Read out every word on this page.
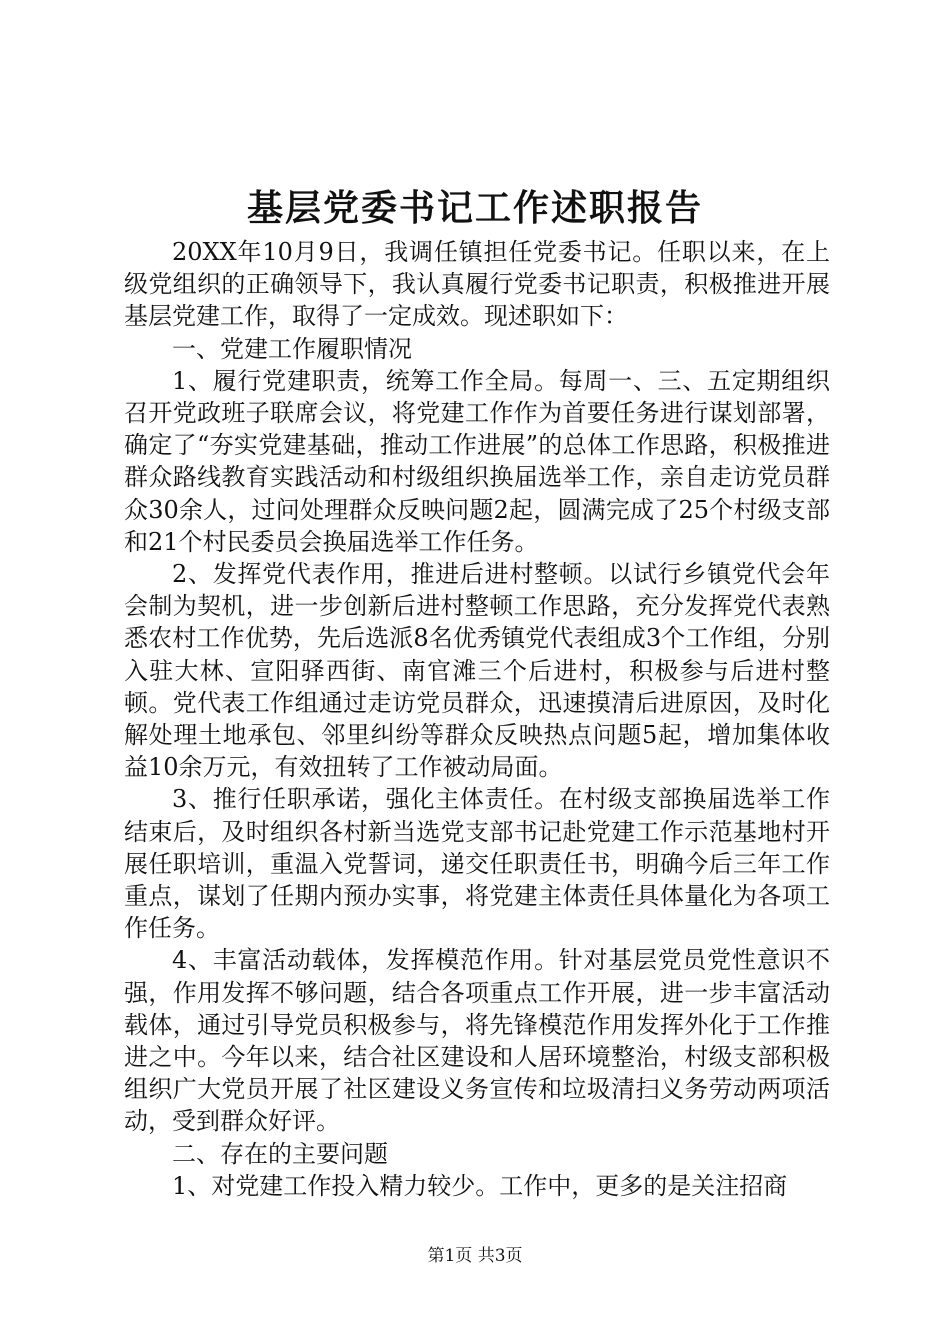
基层党委书记工作述职报告

20XX年10月9日，我调任镇担任党委书记。任职以来，在上级党组织的正确领导下，我认真履行党委书记职责，积极推进开展基层党建工作，取得了一定成效。现述职如下：

一、党建工作履职情况

1、履行党建职责，统筹工作全局。每周一、三、五定期组织召开党政班子联席会议，将党建工作作为首要任务进行谋划部署，确定了“夯实党建基础，推动工作进展”的总体工作思路，积极推进群众路线教育实践活动和村级组织换届选举工作，亲自走访党员群众30余人，过问处理群众反映问题2起，圆满完成了25个村级支部和21个村民委员会换届选举工作任务。

2、发挥党代表作用，推进后进村整顿。以试行乡镇党代会年会制为契机，进一步创新后进村整顿工作思路，充分发挥党代表熟悉农村工作优势，先后选派8名优秀镇党代表组成3个工作组，分别入驻大林、宣阳驿西街、南官滩三个后进村，积极参与后进村整顿。党代表工作组通过走访党员群众，迅速摸清后进原因，及时化解处理土地承包、邻里纠纷等群众反映热点问题5起，增加集体收益10余万元，有效扭转了工作被动局面。

3、推行任职承诺，强化主体责任。在村级支部换届选举工作结束后，及时组织各村新当选党支部书记赴党建工作示范基地村开展任职培训，重温入党誓词，递交任职责任书，明确今后三年工作重点，谋划了任期内预办实事，将党建主体责任具体量化为各项工作任务。

4、丰富活动载体，发挥模范作用。针对基层党员党性意识不强，作用发挥不够问题，结合各项重点工作开展，进一步丰富活动载体，通过引导党员积极参与，将先锋模范作用发挥外化于工作推进之中。今年以来，结合社区建设和人居环境整治，村级支部积极组织广大党员开展了社区建设义务宣传和垃圾清扫义务劳动两项活动，受到群众好评。

二、存在的主要问题

1、对党建工作投入精力较少。工作中，更多的是关注招商

第1页 共3页
